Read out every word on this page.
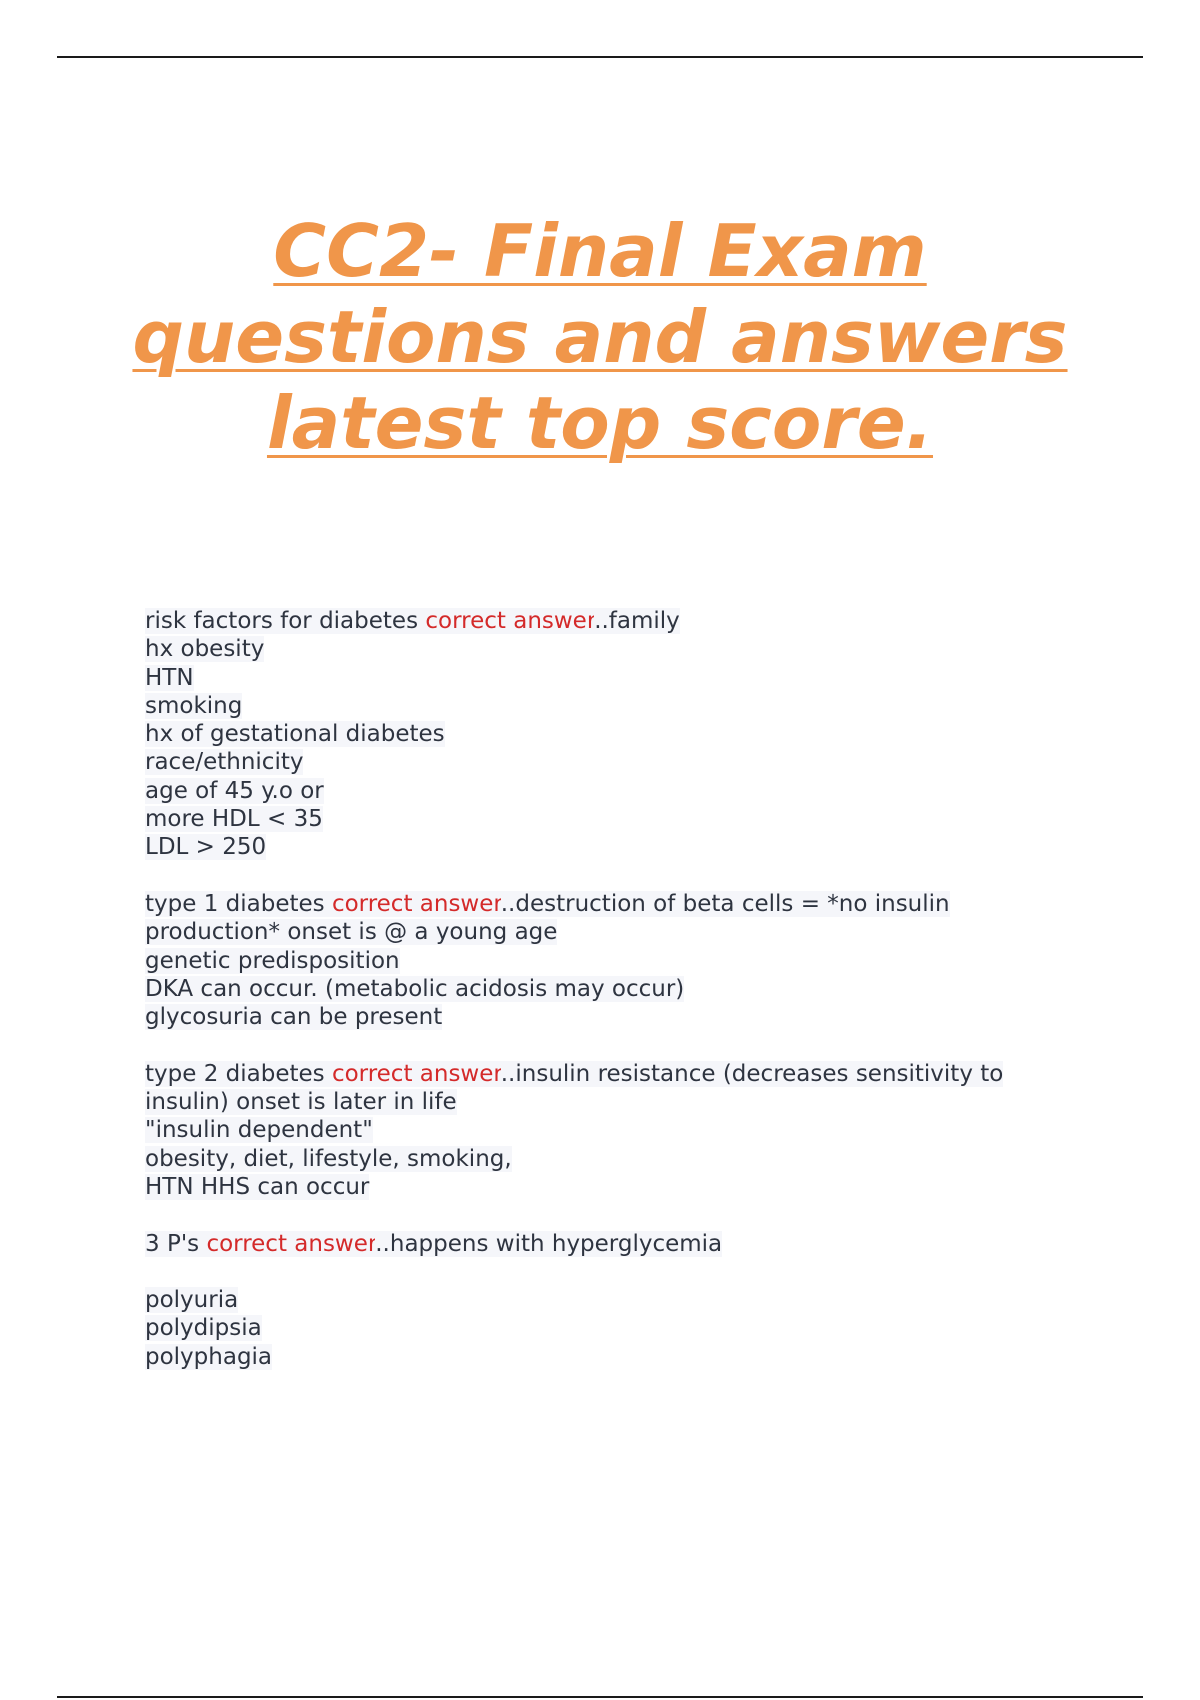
CC2- Final Exam
questions and answers
latest top score.
risk factors for diabetes correct answer..family
hx obesity
HTN
smoking
hx of gestational diabetes
race/ethnicity
age of 45 y.o or
more HDL < 35
LDL > 250
type 1 diabetes correct answer..destruction of beta cells = *no insulin
production* onset is @ a young age
genetic predisposition
DKA can occur. (metabolic acidosis may occur)
glycosuria can be present
type 2 diabetes correct answer..insulin resistance (decreases sensitivity to
insulin) onset is later in life
"insulin dependent"
obesity, diet, lifestyle, smoking,
HTN HHS can occur
3 P's correct answer..happens with hyperglycemia
polyuria
polydipsia
polyphagia
